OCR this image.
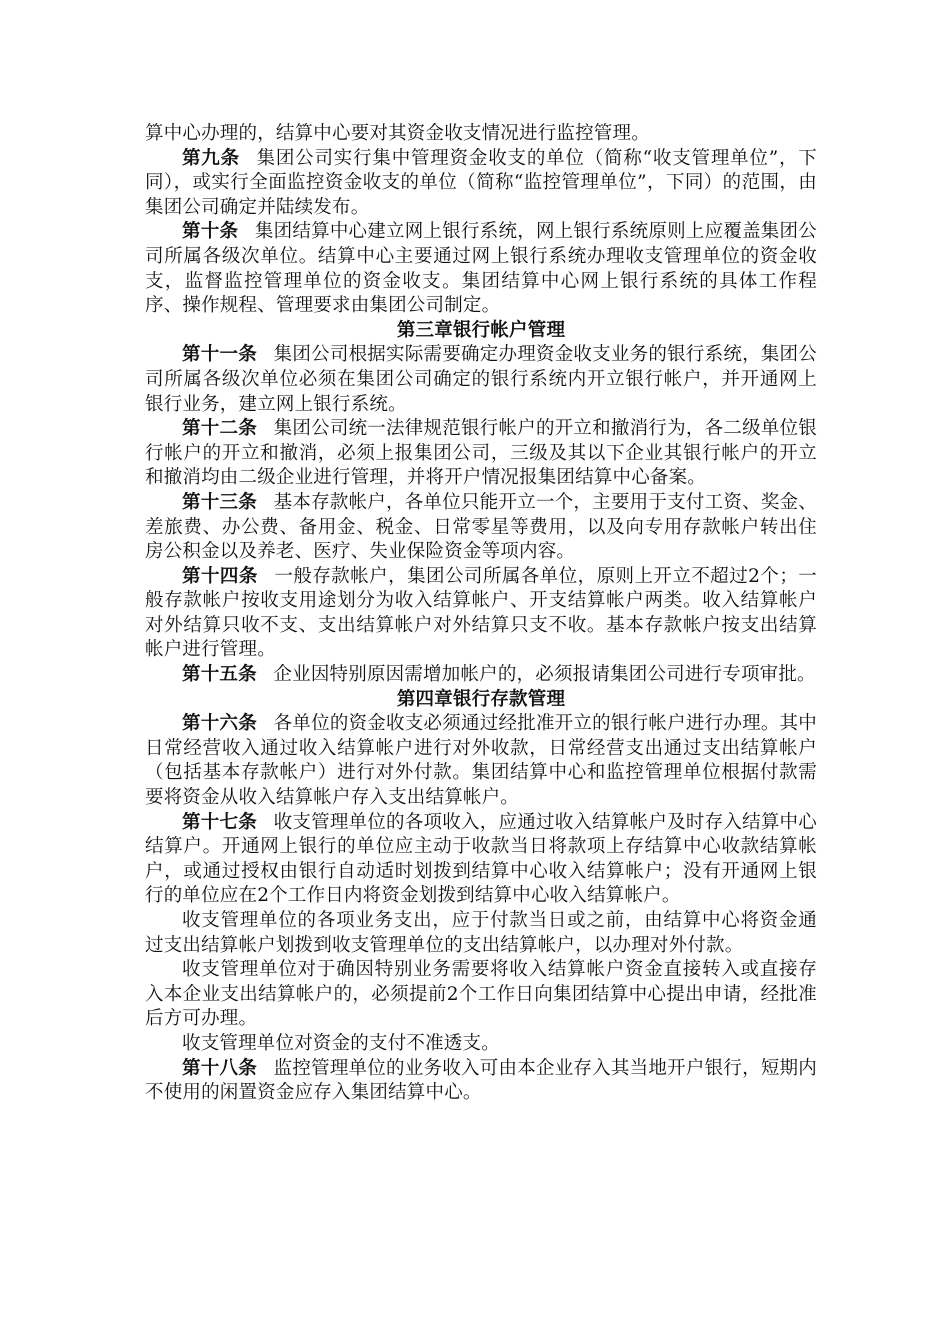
算中心办理的，结算中心要对其资金收支情况进行监控管理。

第九条 集团公司实行集中管理资金收支的单位（简称“收支管理单位”，下同），或实行全面监控资金收支的单位（简称“监控管理单位”，下同）的范围，由集团公司确定并陆续发布。

第十条 集团结算中心建立网上银行系统，网上银行系统原则上应覆盖集团公司所属各级次单位。结算中心主要通过网上银行系统办理收支管理单位的资金收支，监督监控管理单位的资金收支。集团结算中心网上银行系统的具体工作程序、操作规程、管理要求由集团公司制定。

第三章银行帐户管理

第十一条 集团公司根据实际需要确定办理资金收支业务的银行系统，集团公司所属各级次单位必须在集团公司确定的银行系统内开立银行帐户，并开通网上银行业务，建立网上银行系统。

第十二条 集团公司统一法律规范银行帐户的开立和撤消行为，各二级单位银行帐户的开立和撤消，必须上报集团公司，三级及其以下企业其银行帐户的开立和撤消均由二级企业进行管理，并将开户情况报集团结算中心备案。

第十三条 基本存款帐户，各单位只能开立一个，主要用于支付工资、奖金、差旅费、办公费、备用金、税金、日常零星等费用，以及向专用存款帐户转出住房公积金以及养老、医疗、失业保险资金等项内容。

第十四条 一般存款帐户，集团公司所属各单位，原则上开立不超过2个；一般存款帐户按收支用途划分为收入结算帐户、开支结算帐户两类。收入结算帐户对外结算只收不支、支出结算帐户对外结算只支不收。基本存款帐户按支出结算帐户进行管理。

第十五条 企业因特别原因需增加帐户的，必须报请集团公司进行专项审批。

第四章银行存款管理

第十六条 各单位的资金收支必须通过经批准开立的银行帐户进行办理。其中日常经营收入通过收入结算帐户进行对外收款，日常经营支出通过支出结算帐户（包括基本存款帐户）进行对外付款。集团结算中心和监控管理单位根据付款需要将资金从收入结算帐户存入支出结算帐户。

第十七条 收支管理单位的各项收入，应通过收入结算帐户及时存入结算中心结算户。开通网上银行的单位应主动于收款当日将款项上存结算中心收款结算帐户，或通过授权由银行自动适时划拨到结算中心收入结算帐户；没有开通网上银行的单位应在2个工作日内将资金划拨到结算中心收入结算帐户。

收支管理单位的各项业务支出，应于付款当日或之前，由结算中心将资金通过支出结算帐户划拨到收支管理单位的支出结算帐户，以办理对外付款。

收支管理单位对于确因特别业务需要将收入结算帐户资金直接转入或直接存入本企业支出结算帐户的，必须提前2个工作日向集团结算中心提出申请，经批准后方可办理。

收支管理单位对资金的支付不准透支。

第十八条 监控管理单位的业务收入可由本企业存入其当地开户银行，短期内不使用的闲置资金应存入集团结算中心。
